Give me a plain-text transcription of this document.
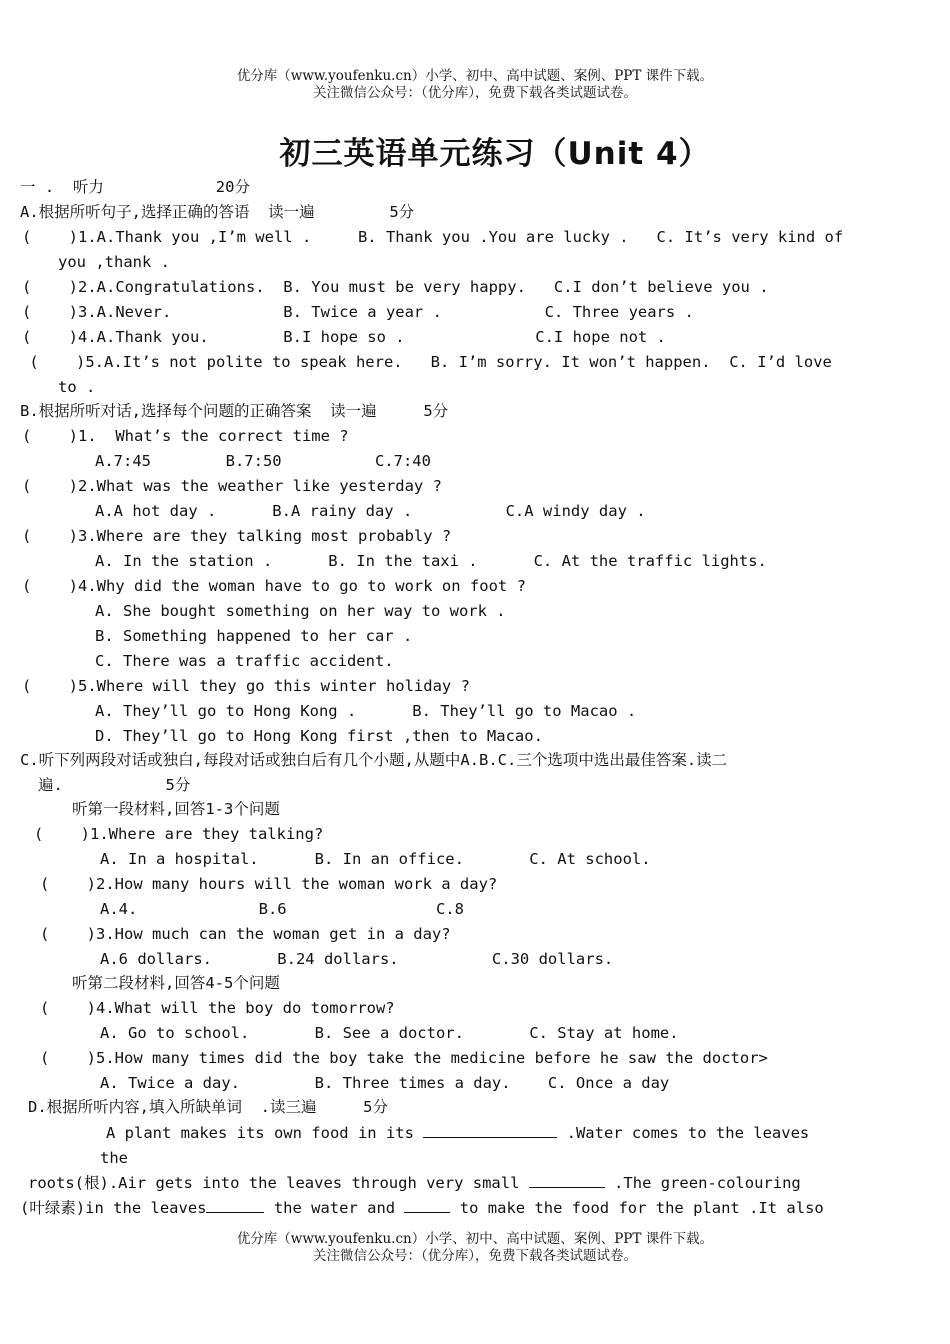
优分库（www.youfenku.cn）小学、初中、高中试题、案例、PPT 课件下载。
关注微信公众号：（优分库），免费下载各类试题试卷。
初三英语单元练习（Unit 4）
一 .  听力            20分
A.根据所听句子,选择正确的答语  读一遍        5分
(    )1.A.Thank you ,I’m well .     B. Thank you .You are lucky .   C. It’s very kind of
you ,thank .
(    )2.A.Congratulations.  B. You must be very happy.   C.I don’t believe you .
(    )3.A.Never.            B. Twice a year .           C. Three years .
(    )4.A.Thank you.        B.I hope so .              C.I hope not .
(    )5.A.It’s not polite to speak here.   B. I’m sorry. It won’t happen.  C. I’d love
to .
B.根据所听对话,选择每个问题的正确答案  读一遍     5分
(    )1.  What’s the correct time ?
A.7:45        B.7:50          C.7:40
(    )2.What was the weather like yesterday ?
A.A hot day .      B.A rainy day .          C.A windy day .
(    )3.Where are they talking most probably ?
A. In the station .      B. In the taxi .      C. At the traffic lights.
(    )4.Why did the woman have to go to work on foot ?
A. She bought something on her way to work .
B. Something happened to her car .
C. There was a traffic accident.
(    )5.Where will they go this winter holiday ?
A. They’ll go to Hong Kong .      B. They’ll go to Macao .
D. They’ll go to Hong Kong first ,then to Macao.
C.听下列两段对话或独白,每段对话或独白后有几个小题,从题中A.B.C.三个选项中选出最佳答案.读二
遍.           5分
听第一段材料,回答1-3个问题
(    )1.Where are they talking?
A. In a hospital.      B. In an office.       C. At school.
(    )2.How many hours will the woman work a day?
A.4.             B.6                C.8
(    )3.How much can the woman get in a day?
A.6 dollars.       B.24 dollars.          C.30 dollars.
听第二段材料,回答4-5个问题
(    )4.What will the boy do tomorrow?
A. Go to school.       B. See a doctor.       C. Stay at home.
(    )5.How many times did the boy take the medicine before he saw the doctor>
A. Twice a day.        B. Three times a day.    C. Once a day
D.根据所听内容,填入所缺单词  .读三遍     5分
A plant makes its own food in its	.Water comes to the leaves
the
roots(根).Air gets into the leaves through very small	.The green-colouring
(叶绿素)in the leaves	the water and	to make the food for the plant .It also
优分库（www.youfenku.cn）小学、初中、高中试题、案例、PPT 课件下载。
关注微信公众号：（优分库），免费下载各类试题试卷。
